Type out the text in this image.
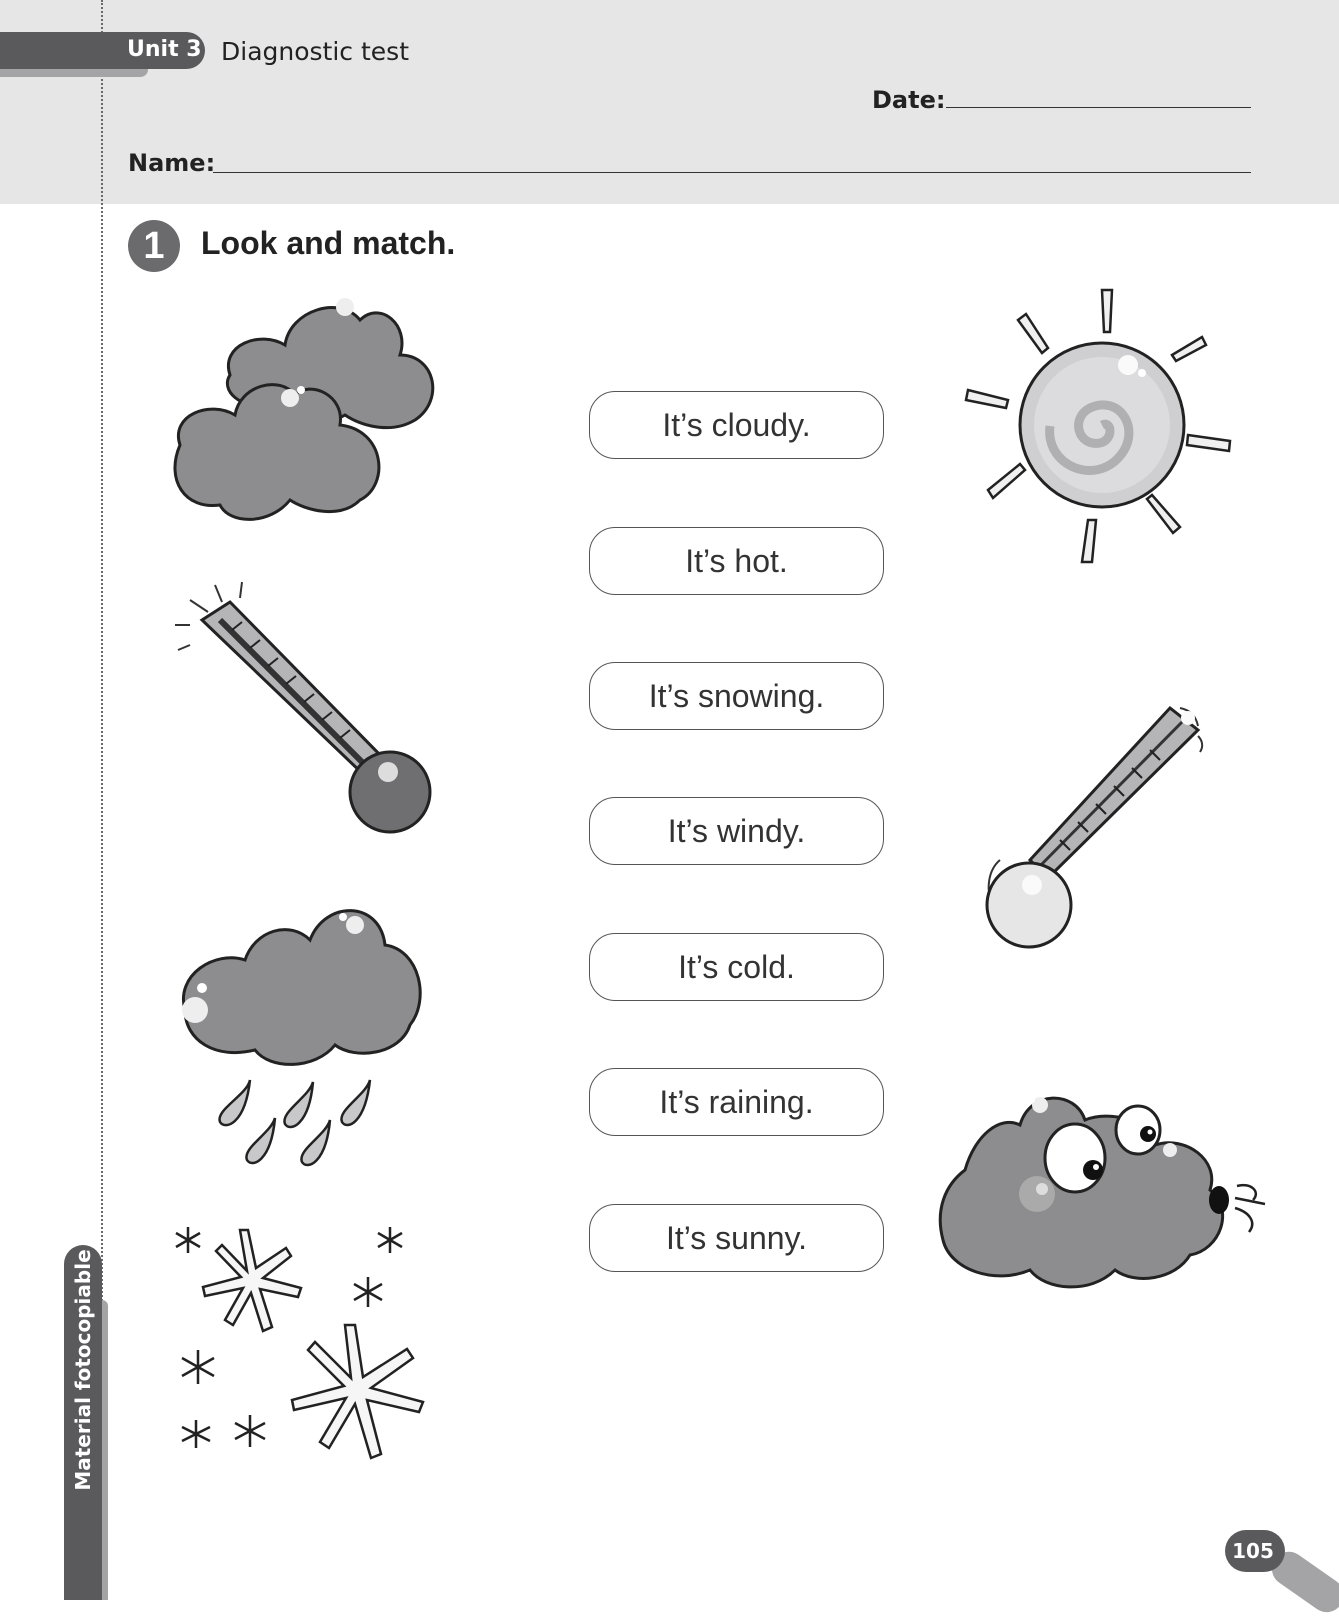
Unit 3 Diagnostic test
Date:
Name:
1	Look and match.
It’s cloudy.
It’s hot.
It’s snowing.
It’s windy.
It’s cold.
It’s raining.
It’s sunny.
Material fotocopiable
105
